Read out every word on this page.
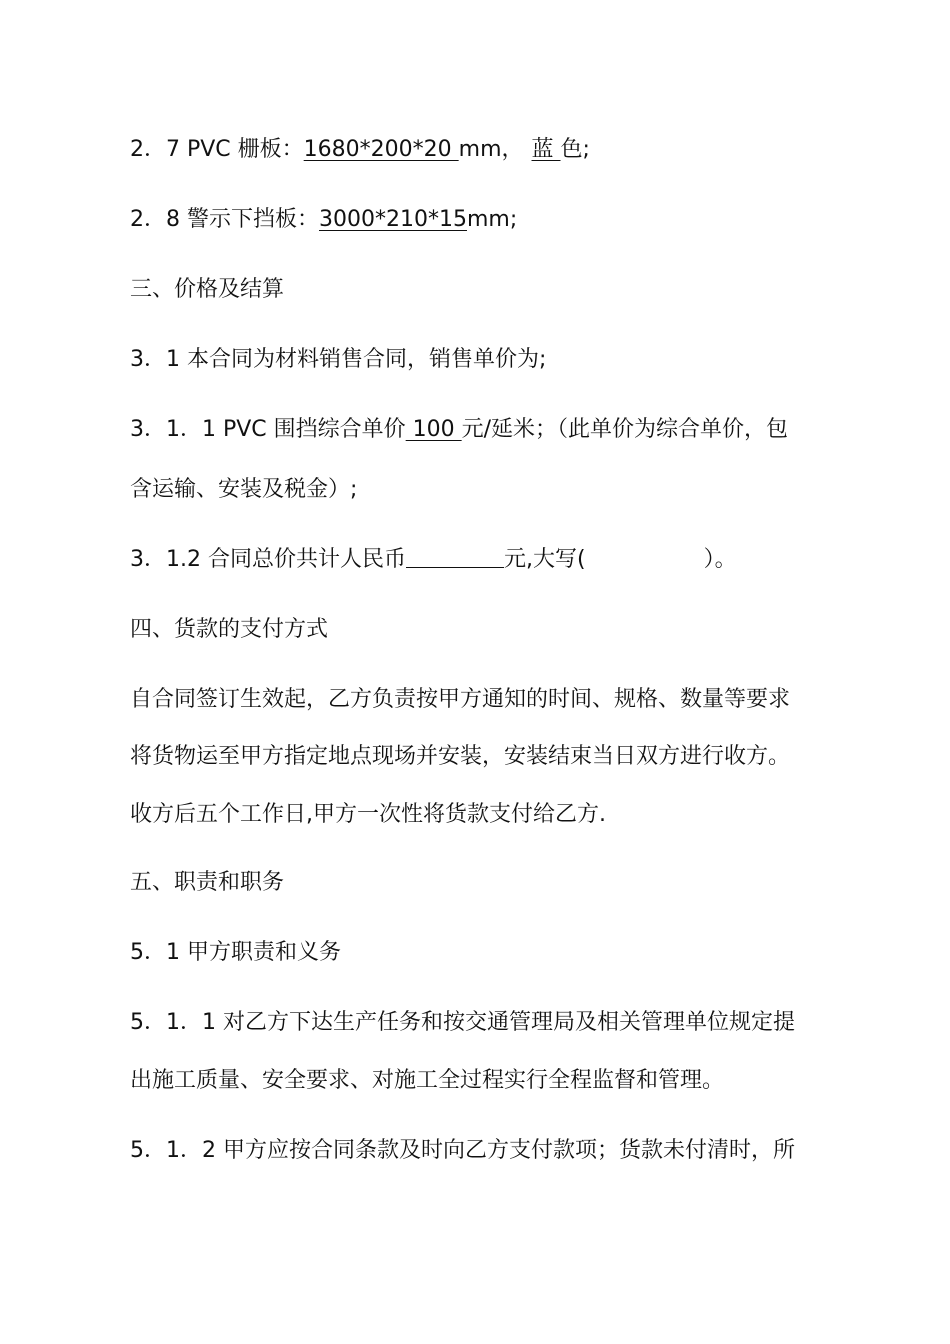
2．7 PVC 栅板：1680*200*20 mm， 蓝 色;
2．8 警示下挡板：3000*210*15mm;
三、价格及结算
3．1 本合同为材料销售合同，销售单价为;
3．1．1 PVC 围挡综合单价 100 元/延米；（此单价为综合单价，包
含运输、安装及税金）;
3．1.2 合同总价共计人民币	元,大写(	）。
四、货款的支付方式
自合同签订生效起，乙方负责按甲方通知的时间、规格、数量等要求
将货物运至甲方指定地点现场并安装，安装结束当日双方进行收方。
收方后五个工作日,甲方一次性将货款支付给乙方.
五、职责和职务
5．1 甲方职责和义务
5．1．1 对乙方下达生产任务和按交通管理局及相关管理单位规定提
出施工质量、安全要求、对施工全过程实行全程监督和管理。
5．1．2 甲方应按合同条款及时向乙方支付款项；货款未付清时，所
